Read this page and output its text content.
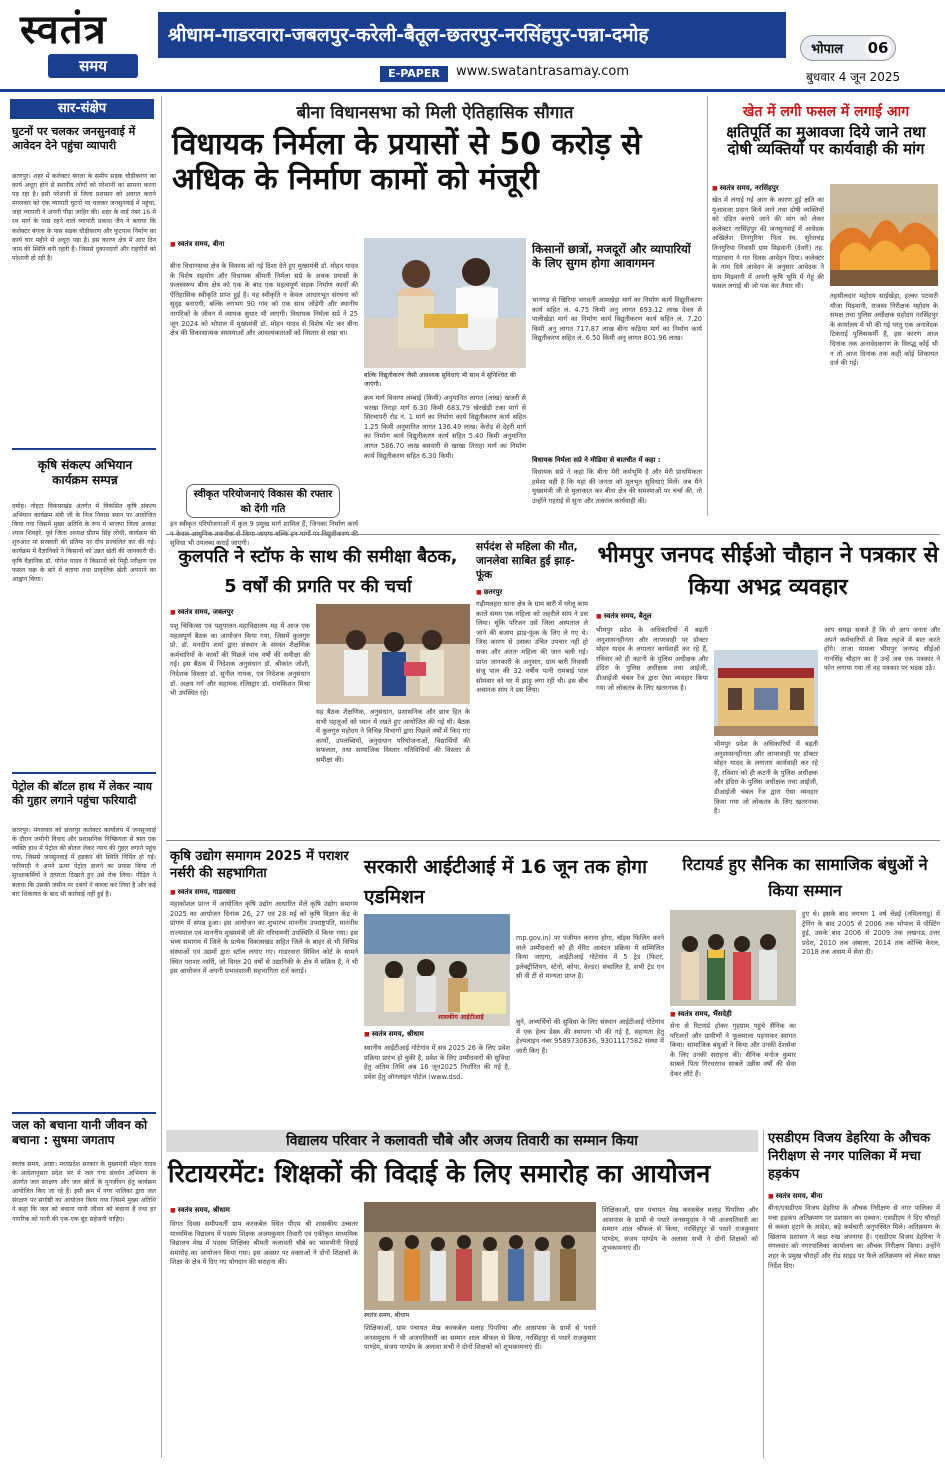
स्वतंत्र
समय
श्रीधाम-गाडरवारा-जबलपुर-करेली-बैतूल-छतरपुर-नरसिंहपुर-पन्ना-दमोह
भोपाल 06
E-PAPER	www.swatantrasamay.com	बुधवार 4 जून 2025
सार-संक्षेप
घुटनों पर चलकर जनसुनवाई में आवेदन देने पहुंचा व्यापारी
छतरपुर। शहर में कलेक्टर बंगला के समीप सड़क चौड़ीकरण का कार्य अधूरा होने से स्थानीय लोगों को परेशानी का सामना करना पड़ रहा है। इसी परेशानी से जिला प्रशासन को अवगत कराने मंगलवार को एक व्यापारी घुटनों पर चलकर जनसुनवाई में पहुंचा, जहां व्यापारी ने अपनी पीड़ा जाहिर की। शहर के वार्ड नंबर 16 में रथ मार्ग के पास रहने वाले व्यापारी प्रकाश जैन ने बताया कि कलेक्टर बंगला के पास सड़क चौड़ीकरण और फुटपाथ निर्माण का कार्य चार महीने से अधूरा पड़ा है। इस कारण क्षेत्र में आए दिन जाम की स्थिति बनी रहती है। जिससे दुकानदारों और राहगीरों को परेशानी हो रही है।
कृषि संकल्प अभियान कार्यक्रम सम्पन्न
दमोह। नोहटा विकासखंड अंतर्गत में विकसित कृषि संकल्प अभियान कार्यक्रम मंत्री जी के निज निवास स्थान पर आयोजित किया गया जिसमें मुख्य अतिथि के रूप में भाजपा जिला अध्यक्ष श्याम शिवहरे, पूर्व जिला अध्यक्ष प्रीतम सिंह लोधी, कार्यक्रम की शुरुआत मां सरस्वती की प्रतिमा पर दीप प्रज्वलित कर की गई। कार्यक्रम में वैज्ञानिकों ने किसानों को उन्नत खेती की जानकारी दी। कृषि वैज्ञानिक डॉ. योगेश यादव ने किसानों को मिट्टी परीक्षण एवं फसल चक्र के बारे में बताया तथा प्राकृतिक खेती अपनाने का आह्वान किया।
पेट्रोल की बॉटल हाथ में लेकर न्याय की गुहार लगाने पहुंचा फरियादी
छतरपुर। मंगलवार को छतरपुर कलेक्टर कार्यालय में जनसुनवाई के दौरान जमीनी विवाद और प्रशासनिक निष्क्रियता से त्रस्त एक व्यक्ति हाथ में पेट्रोल की बोतल लेकर न्याय की गुहार लगाने पहुंच गया, जिससे जनसुनवाई में हड़कंप की स्थिति निर्मित हो गई। फरियादी ने अपने ऊपर पेट्रोल डालने का प्रयास किया तो सुरक्षाकर्मियों ने तत्परता दिखाते हुए उसे रोक लिया। पीड़ित ने बताया कि उसकी जमीन पर दबंगों ने कब्जा कर लिया है और कई बार शिकायत के बाद भी कार्रवाई नहीं हुई है।
जल को बचाना यानी जीवन को बचाना : सुषमा जगताप
स्वतंत्र समय, आष्टा। मध्यप्रदेश सरकार के मुख्यमंत्री मोहन यादव के आदेशानुसार प्रदेश भर में जल गंगा संवर्धन अभियान के अंतर्गत जल संरक्षण और जल स्रोतों के पुनर्जीवन हेतु कार्यक्रम आयोजित किए जा रहे हैं। इसी क्रम में नगर पालिका द्वारा जल संरक्षण पर संगोष्ठी का आयोजन किया गया जिसमें मुख्य अतिथि ने कहा कि जल को बचाना यानी जीवन को बचाना है तथा हर नागरिक को पानी की एक-एक बूंद सहेजनी चाहिए।
बीना विधानसभा को मिली ऐतिहासिक सौगात
विधायक निर्मला के प्रयासों से 50 करोड़ से अधिक के निर्माण कामों को मंजूरी
■ स्वतंत्र समय, बीना
बीना विधानसभा क्षेत्र के विकास को नई दिशा देते हुए मुख्यमंत्री डॉ. मोहन यादव के विशेष सहयोग और विधायक श्रीमती निर्मला सप्रे के अथक प्रयासों के फलस्वरूप बीना क्षेत्र को एक के बाद एक महत्वपूर्ण सड़क निर्माण कार्यों की ऐतिहासिक स्वीकृति प्राप्त हुई है। यह स्वीकृति न केवल आधारभूत संरचना को सुदृढ़ बनाएगी, बल्कि लगभग 90 गांव को एक साथ जोड़ेगी और स्थानीय नागरिकों के जीवन में व्यापक सुधार भी लाएगी। विधायक निर्मला सप्रे ने 25 जून 2024 को भोपाल में मुख्यमंत्री डॉ. मोहन यादव से विशेष भेंट कर बीना क्षेत्र की विकासात्मक समस्याओं और आवश्यकताओं को विस्तार से रखा था।
बल्कि विद्युतीकरण जैसी आवश्यक सुविधाएं भी साथ में सुनिश्चित की जाएंगी।
क्रम मार्ग विवरण लम्बाई (किमी) अनुमानित लागत (लाख) खजरी से भरखा तिराहा मार्ग 6.30 किमी 683.79 खेरखेड़ी टका मार्ग से सिरचापरी रोड नं. 1 मार्ग का निर्माण कार्य विद्युतीकरण कार्य सहित 1.25 किमी अनुमानित लागत 136.49 लाख। केरोड़ से देहरी मार्ग का निर्माण कार्य विद्युतीकरण कार्य सहित 5.40 किमी अनुमानित लागत 586.70 लाख बसवारी से खाखा तिराहा मार्ग का निर्माण कार्य विद्युतीकरण सहित 6.30 किमी।
स्वीकृत परियोजनाएं विकास की रफ्तार को देंगी गति
इन स्वीकृत परियोजनाओं में कुल 9 प्रमुख मार्ग शामिल हैं, जिनका निर्माण कार्य सुविधा भी उपलब्ध कराई जाएगी।
किसानों छात्रों, मजदूरों और व्यापारियों के लिए सुगम होगा आवागमन
भानगढ़ से खिरिया भगवती आमखेड़ा मार्ग का निर्माण कार्य विद्युतीकरण कार्य सहित लं. 4.75 किमी अनु लागत 693.12 लाख देवल से पालीखेड़ा मार्ग का निर्माण कार्य विद्युतीकरण कार्य सहित लं. 7.20 किमी अनु लागत 717.87 लाख बीना कठिया मार्ग का निर्माण कार्य विद्युतीकरण सहित लं. 6.50 किमी अनु लागत 801.96 लाख।
विधायक निर्मला सप्रे ने मीडिया से बातचीत में कहा :
विधायक सप्रे ने कहा कि बीना मेरी कर्मभूमि है और मेरी प्राथमिकता हमेशा यही है कि यहां की जनता को मूलभूत सुविधाएं मिलें। जब मैंने मुख्यमंत्री जी से मुलाकात कर बीना क्षेत्र की समस्याओं पर चर्चा की, तो उन्होंने गहराई से सुना और तत्काल कार्यवाही की।
खेत में लगी फसल में लगाई आग
क्षतिपूर्ति का मुआवजा दिये जाने तथा दोषी व्यक्तियों पर कार्यवाही की मांग
■ स्वतंत्र समय, नरसिंहपुर
खेत में लगाई गई आग के कारण हुई क्षति का मुआवजा प्रदान किये जाने तथा दोषी व्यक्तियों को दंडित कराये जाने की मांग को लेकर कलेक्टर नरसिंहपुर की जनसुनवाई में आवेदक अखिलेश तिनगुरिया पिता स्व. सुरेशचंद्र तिनगुरिया निवासी ग्राम मिढ़वानी (देवरी) तह. गाडरवारा ने गत दिवस आवेदन दिया। कलेक्टर के नाम दिये आवेदन के अनुसार आवेदक ने ग्राम मिढ़वानी में अपनी कृषि भूमि में गेहूं की फसल लगाई थी जो पक कर तैयार थी।
तहसीलदार महोदय साईखेड़ा, हल्का पटवारी मौजा मिढ़वानी, राजस्व निरीक्षक महोदय के समक्ष तथा पुलिस अधीक्षक महोदय नरसिंहपुर के कार्यालय में भी की गई परंतु एक अनावेदक टिकराई पुलिसकर्मी है, इस कारण आज दिनांक तक अनावेदकगण के विरुद्ध कोई भी न तो आज दिनांक तक कहीं कोई शिकायत दर्ज की गई।
कुलपति ने स्टॉफ के साथ की समीक्षा बैठक, 5 वर्षों की प्रगति पर की चर्चा
■ स्वतंत्र समय, जबलपुर
पशु चिकित्सा एवं पशुपालन महाविद्यालय मह में आज एक महत्वपूर्ण बैठक का आयोजन किया गया, जिसमें कुलगुरु प्रो. डॉ. मनदीप शर्मा द्वारा संस्थान के समस्त शैक्षणिक कर्मचारियों के कार्यों की पिछले पांच वर्षों की समीक्षा की गई। इस बैठक में निदेशक अनुसंधान डॉ. श्रीकांत जोशी, निदेशक विस्तार डॉ. सुनील नायक, एवं निदेशक अनुसंधान डॉ. अक्षय गर्ग और सहायक रजिस्ट्रार डॉ. रामकिशन मिश्रा भी उपस्थित रहे।
यह बैठक शैक्षणिक, अनुसंधान, प्रशासनिक और छात्र हित के सभी पहलुओं को ध्यान में रखते हुए आयोजित की गई थी। बैठक में कुलगुरु महोदय ने विभिन्न विभागों द्वारा पिछले वर्षों में किए गए कार्यों, उपलब्धियों, अनुसंधान परियोजनाओं, विद्यार्थियों की सफलता, तथा सामाजिक विस्तार गतिविधियों की विस्तार से समीक्षा की।
सर्पदंश से महिला की मौत, जानलेवा साबित हुई झाड़-फूंक
■ छतरपुर
गढ़ीमलहरा थाना क्षेत्र के ग्राम बारी में घरेलू काम करते समय एक महिला को जहरीले सांप ने डस लिया। चूंकि परिजन उसे जिला अस्पताल ले जाने की बजाय झाड़-फूंक के लिए ले गए थे। जिस कारण से उसका उचित उपचार नहीं हो सका और अंततः महिला की जान चली गई। प्राप्त जानकारी के अनुसार, ग्राम बारी निवासी संजू पाल की 32 वर्षीय पत्नी रामबाई पाल सोमवार को घर में झाड़ू लगा रही थी। इस बीच अचानक सांप ने डस लिया।
भीमपुर जनपद सीईओ चौहान ने पत्रकार से किया अभद्र व्यवहार
■ स्वतंत्र समय, बैतूल
भीमपुर प्रदेश के अधिकारियों में बढ़ती अनुशासनहीनता और लापरवाही पर डॉक्टर मोहन यादव के लगातार कार्यवाही कर रहे हैं, रविवार को ही कटनी के पुलिस अधीक्षक और इंदिरा के पुलिस अधीक्षक तथा आईजी, डीआईजी चंबल रेंज द्वारा ऐसा व्यवहार किया गया जो लोकतंत्र के लिए खतरनाक है।
भीमपुर प्रदेश के अधिकारियों में बढ़ती अनुशासनहीनता और लापरवाही पर डॉक्टर मोहन यादव के लगातार कार्यवाही कर रहे हैं, रविवार को ही कटनी के पुलिस अधीक्षक और इंदिरा के पुलिस अधीक्षक तथा आईजी, डीआईजी चंबल रेंज द्वारा ऐसा व्यवहार किया गया जो लोकतंत्र के लिए खतरनाक है।
आप समझ सकते है कि वो आप जनता और अपने कर्मचारियों से किस लहजे में बात करते होंगे। ताजा मामला भीमपुर जनपद सीईओ नानसिंह चौहान का है उन्हें जब एक पत्रकार ने फोन लगाया गया तो वह पत्रकार पर भड़क उठे।
कृषि उद्योग समागम 2025 में पराशर नर्सरी की सहभागिता
■ स्वतंत्र समय, गाडरवारा
महाकोशल प्रान्त में आयोजित कृषि उद्योग आधारित मेले कृषि उद्योग समागम 2025 का आयोजन दिनांक 26, 27 एवं 28 मई को कृषि विज्ञान केंद्र के प्रांगण में संपन्न हुआ। इस आयोजन का शुभारंभ माननीय उपराष्ट्रपति, माननीय राज्यपाल एवं माननीय मुख्यमंत्री जी की गरिमामयी उपस्थिति में किया गया। इस भव्य समागम में जिले के प्रत्येक विकासखंड सहित जिले के बाहर से भी विभिन्न संस्थाओं एवं उद्यमों द्वारा स्टॉल लगाए गए। गाडरवारा सिविल कोर्ट के सामने स्थित पराशर नर्सरी, जो विगत 20 वर्षों से उद्यानिकी के क्षेत्र में सक्रिय है, ने भी इस आयोजन में अपनी प्रभावशाली सहभागिता दर्ज कराई।
सरकारी आईटीआई में 16 जून तक होगा एडमिशन
शासकीय आईटीआई
■ स्वतंत्र समय, श्रीधाम
स्थानीय आईटीआई गोटेगांव में सत्र 2025 26 के लिए प्रवेश प्रक्रिया प्रारंभ हो चुकी है, प्रवेश के लिए उम्मीदवारों की सुविधा हेतु अंतिम तिथि अब 16 जून2025 निर्धारित की गई है, प्रवेश हेतु ऑनलाइन पोर्टल (www.dsd.
mp.gov.in) पर पंजीयन कराना होगा, चॉइस फिलिंग करने वाले उम्मीदवारों को ही मेरिट आवंटन प्रक्रिया में सम्मिलित किया जाएगा, आईटीआई गोटेगांव में 5 ट्रेड (फिटर, इलेक्ट्रीशियन, स्टेनो, कोपा, वेल्डर) संचालित है, सभी ट्रेड एन सी वी टी से मान्यता प्राप्त है।
चुने, अभ्यर्थियों की सुविधा के लिए संस्थान आईटीआई गोटेगांव में एक हेल्प डेस्क की स्थापना भी की गई है, सहायता हेतु हेल्पलाइन नंबर 9589730636, 9301117582 संस्था में जारी किए हैं।
रिटायर्ड हुए सैनिक का सामाजिक बंधुओं ने किया सम्मान
■ स्वतंत्र समय, भैंसदेही
सेना से रिटायर्ड होकर गृहग्राम पहुंचे सैनिक का परिजनों और ग्रामीणों ने फूलमाला पहनाकर स्वागत किया। सामाजिक बंधुओं ने किया और उनकी देशसेवा के लिए उनकी सराहना की। सैनिक मनोज कुमार साबले पिता गिरधरराव साबले उन्नीस वर्षों की सेवा देकर लौटे हैं।
हुए थे। इसके बाद लगभग 1 वर्ष चेन्नई (तमिलनाडु) में ट्रेनिंग के बाद 2005 से 2006 तक भोपाल में पोस्टिंग हुई, उसके बाद 2006 से 2009 तक लखनऊ उत्तर प्रदेश, 2010 तक अंबाला, 2014 तक कोच्चि केरल, 2018 तक असम में सेवा दी।
विद्यालय परिवार ने कलावती चौबे और अजय तिवारी का सम्मान किया
रिटायरमेंट: शिक्षकों की विदाई के लिए समारोह का आयोजन
■ स्वतंत्र समय, श्रीधाम
विगत दिवस समीपवर्ती ग्राम करकबेल स्थित पीएम श्री शासकीय उच्चतर माध्यमिक विद्यालय में पदस्थ शिक्षक अजयकुमार तिवारी एवं एकीकृत माध्यमिक विद्यालय मेख में पदस्थ शिक्षिका श्रीमती कलावती चौबे का भावभीनी विदाई समारोह का आयोजन किया गया। इस अवसर पर वक्ताओं ने दोनों शिक्षकों के शिक्षा के क्षेत्र में दिए गए योगदान की सराहना की।
स्वतंत्र समय, श्रीधाम
शिक्षिकाओं, ग्राम पंचायत मेख करकबेल मलाह पिपरिया और आसपास के ग्रामों से पधारे जनसमुदाय ने भी अजयतिवारी का सम्मान शाल श्रीफल से किया, नरसिंहपुर से पधारे राजकुमार पाण्डेय, संजय पाण्डेय के अलावा सभी ने दोनों शिक्षकों को शुभकामनाएं दीं।
शिक्षिकाओं, ग्राम पंचायत मेख करकबेल मलाह पिपरिया और आसपास के ग्रामों से पधारे जनसमुदाय ने भी अजयतिवारी का सम्मान शाल श्रीफल से किया, नरसिंहपुर से पधारे राजकुमार पाण्डेय, संजय पाण्डेय के अलावा सभी ने दोनों शिक्षकों को शुभकामनाएं दीं।
एसडीएम विजय डेहरिया के औचक निरीक्षण से नगर पालिका में मचा हड़कंप
■ स्वतंत्र समय, बीना
बीना/एसडीएम विजय डेहरिया के औचक निरीक्षण से नगर पालिका में मचा हड़कंप अतिक्रमण पर प्रशासन का एक्शन: एसडीएम ने दिए चौराहों से कब्जा हटाने के आदेश, बड़े कर्मचारी अनुपस्थित मिले। अतिक्रमण के खिलाफ प्रशासन ने कड़ा रुख अपनाया है। एसडीएम विजय डेहरिया ने मंगलवार को नगरपालिका कार्यालय का औचक निरीक्षण किया। उन्होंने शहर के प्रमुख चौराहों और रोड साइड पर फैले अतिक्रमण को लेकर सख्त निर्देश दिए।
